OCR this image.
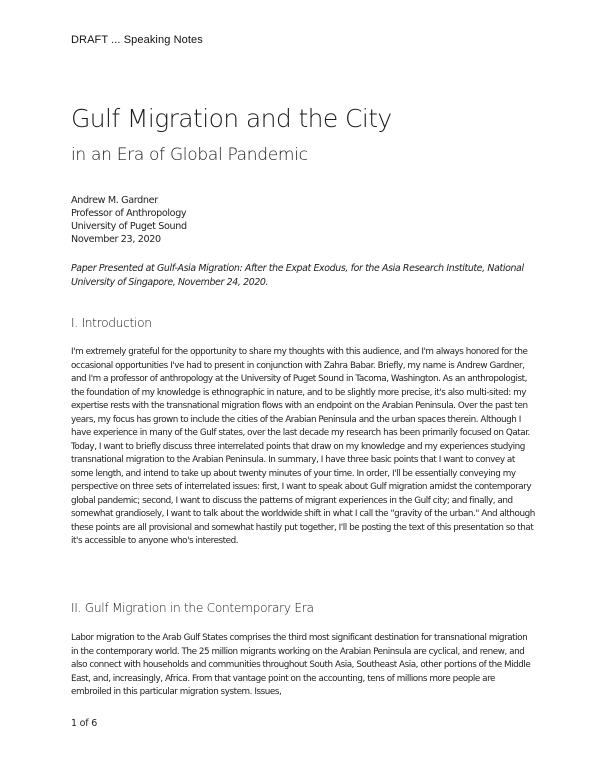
DRAFT ... Speaking Notes
Gulf Migration and the City
in an Era of Global Pandemic
Andrew M. Gardner
Professor of Anthropology
University of Puget Sound
November 23, 2020
Paper Presented at Gulf-Asia Migration: After the Expat Exodus, for the Asia Research Institute, National University of Singapore, November 24, 2020.
I. Introduction
I'm extremely grateful for the opportunity to share my thoughts with this audience, and I'm always honored for the occasional opportunities I've had to present in conjunction with Zahra Babar. Briefly, my name is Andrew Gardner, and I'm a professor of anthropology at the University of Puget Sound in Tacoma, Washington. As an anthropologist, the foundation of my knowledge is ethnographic in nature, and to be slightly more precise, it's also multi-sited: my expertise rests with the transnational migration flows with an endpoint on the Arabian Peninsula. Over the past ten years, my focus has grown to include the cities of the Arabian Peninsula and the urban spaces therein. Although I have experience in many of the Gulf states, over the last decade my research has been primarily focused on Qatar. Today, I want to briefly discuss three interrelated points that draw on my knowledge and my experiences studying transnational migration to the Arabian Peninsula. In summary, I have three basic points that I want to convey at some length, and intend to take up about twenty minutes of your time. In order, I'll be essentially conveying my perspective on three sets of interrelated issues: first, I want to speak about Gulf migration amidst the contemporary global pandemic; second, I want to discuss the patterns of migrant experiences in the Gulf city; and finally, and somewhat grandiosely, I want to talk about the worldwide shift in what I call the "gravity of the urban." And although these points are all provisional and somewhat hastily put together, I'll be posting the text of this presentation so that it's accessible to anyone who's interested.
II. Gulf Migration in the Contemporary Era
Labor migration to the Arab Gulf States comprises the third most significant destination for transnational migration in the contemporary world. The 25 million migrants working on the Arabian Peninsula are cyclical, and renew, and also connect with households and communities throughout South Asia, Southeast Asia, other portions of the Middle East, and, increasingly, Africa. From that vantage point on the accounting, tens of millions more people are embroiled in this particular migration system. Issues,
1 of 6
